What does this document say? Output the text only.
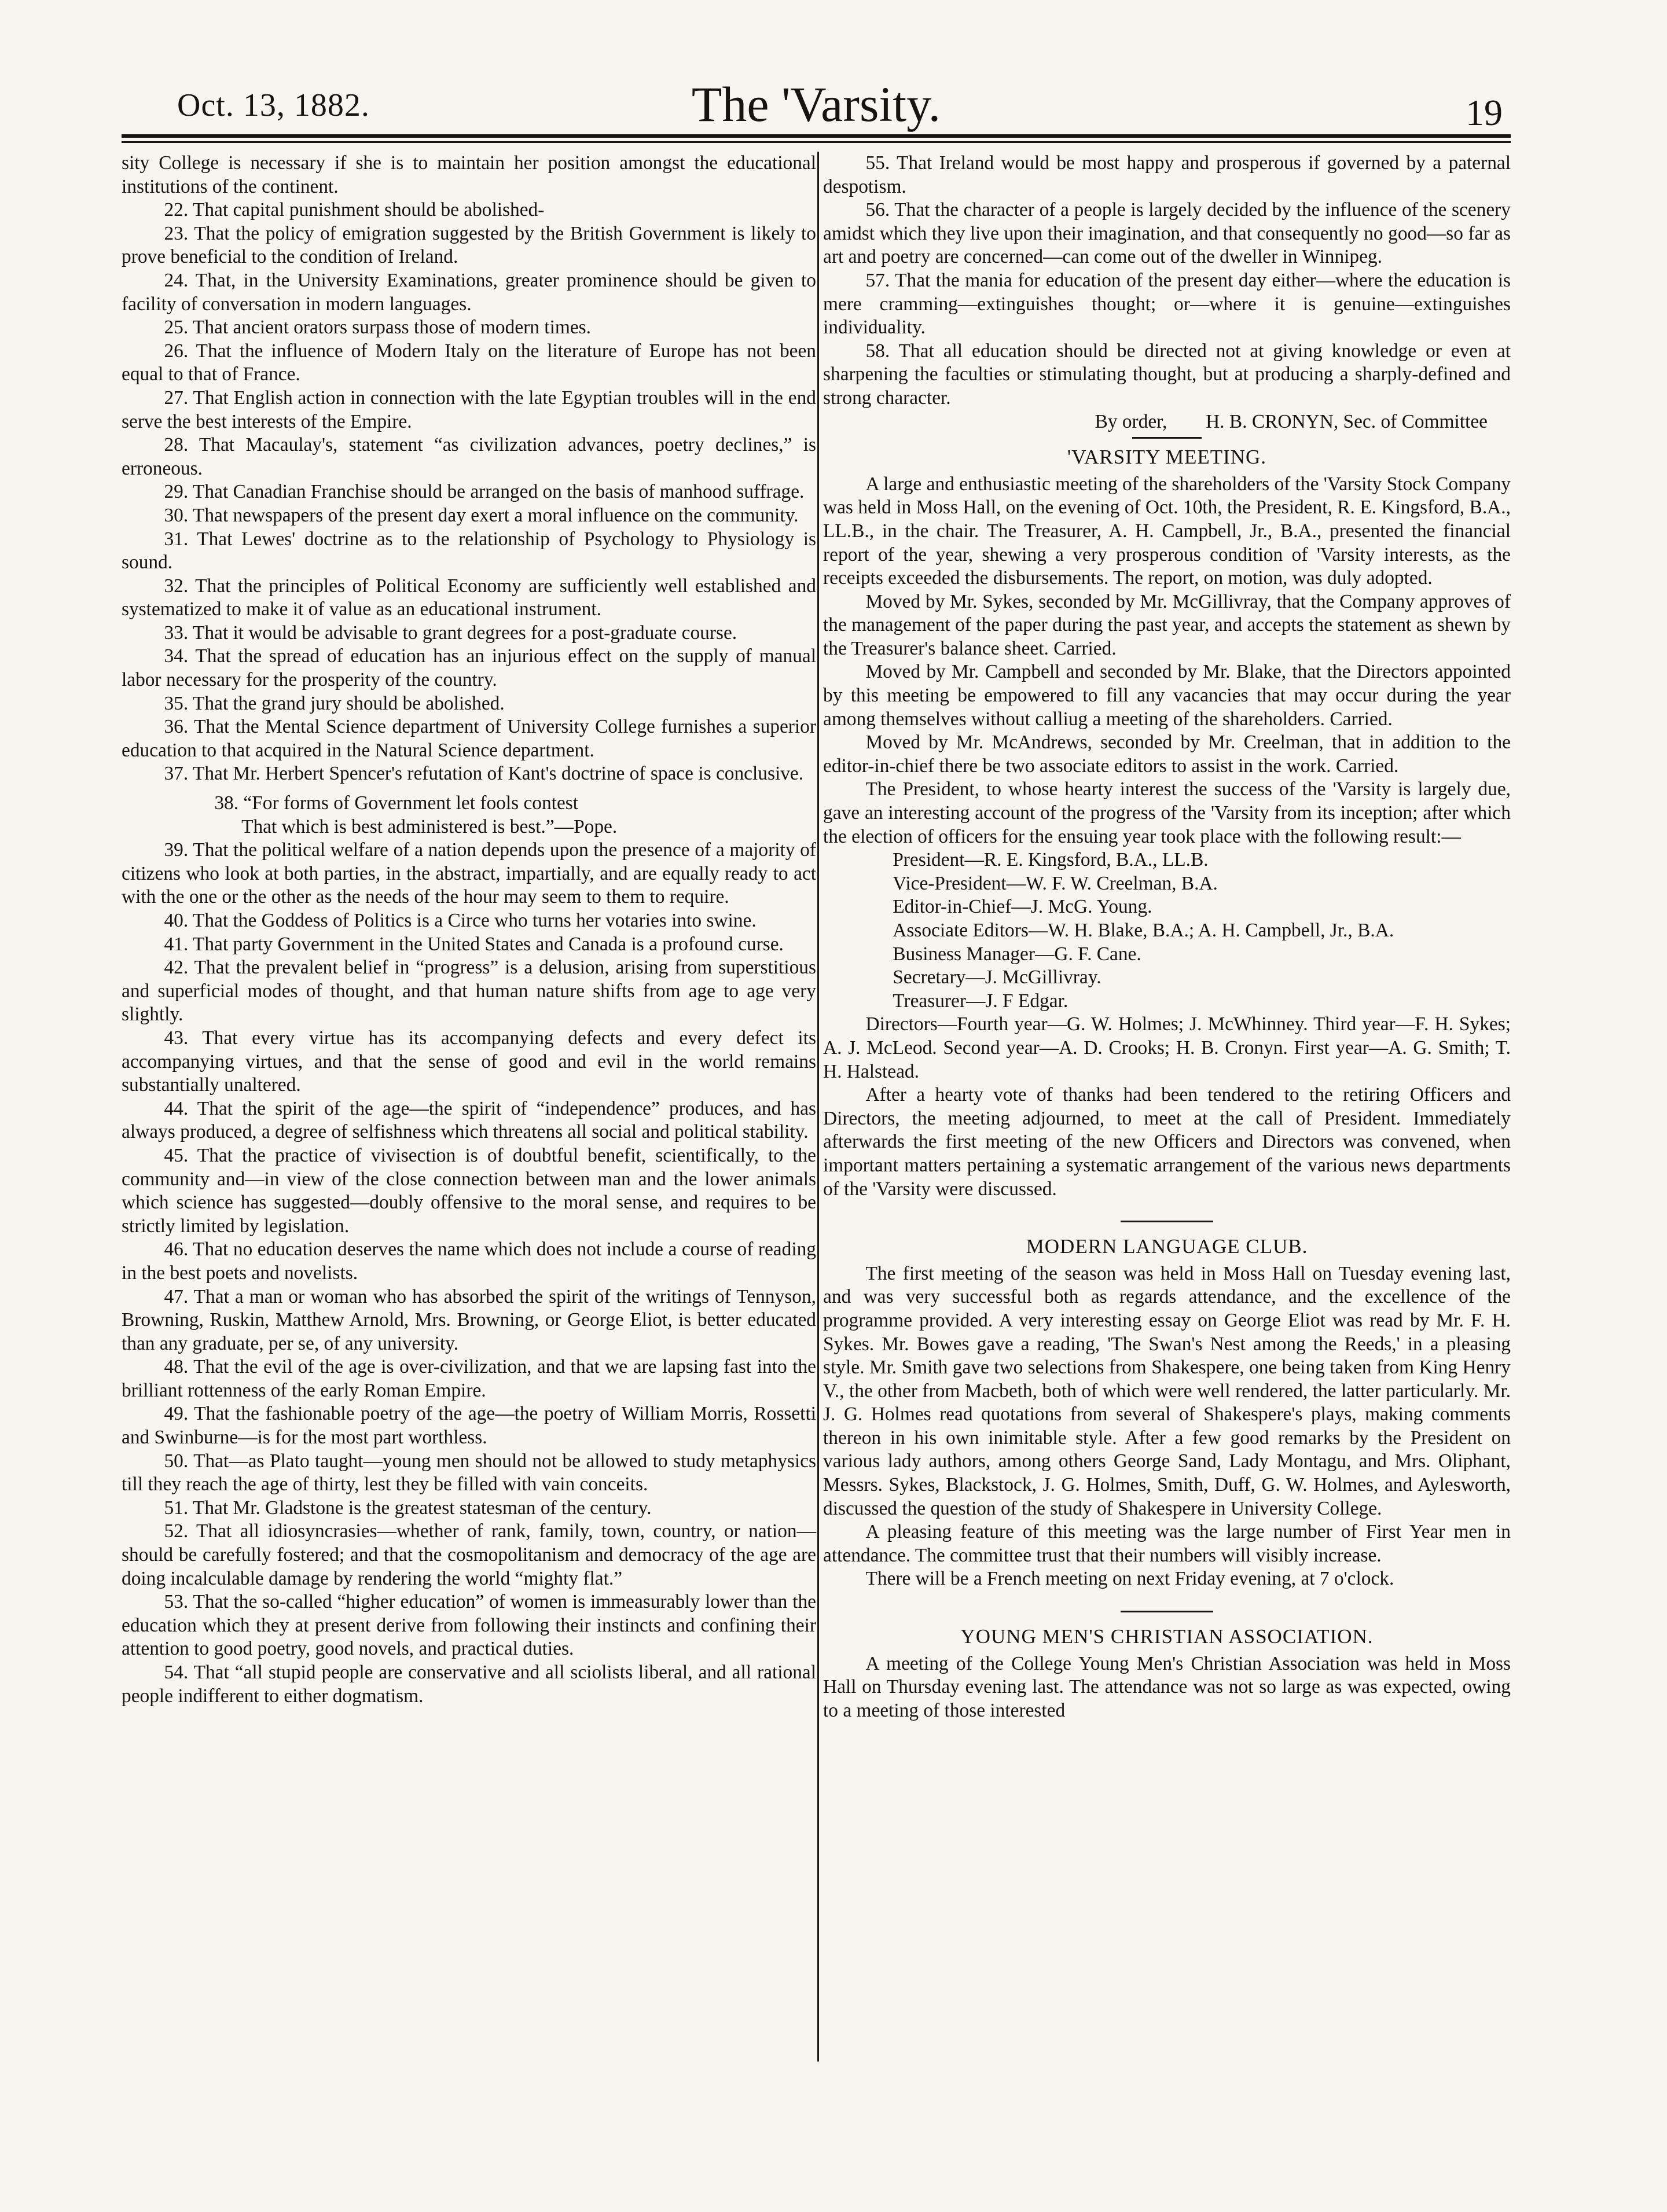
Oct. 13, 1882.	The 'Varsity.	19

sity College is necessary if she is to maintain her position amongst the educational institutions of the continent.

22. That capital punishment should be abolished-

23. That the policy of emigration suggested by the British Government is likely to prove beneficial to the condition of Ireland.

24. That, in the University Examinations, greater prominence should be given to facility of conversation in modern languages.

25. That ancient orators surpass those of modern times.

26. That the influence of Modern Italy on the literature of Europe has not been equal to that of France.

27. That English action in connection with the late Egyptian troubles will in the end serve the best interests of the Empire.

28. That Macaulay's, statement “as civilization advances, poetry declines,” is erroneous.

29. That Canadian Franchise should be arranged on the basis of manhood suffrage.

30. That newspapers of the present day exert a moral influence on the community.

31. That Lewes' doctrine as to the relationship of Psychology to Physiology is sound.

32. That the principles of Political Economy are sufficiently well established and systematized to make it of value as an educational instrument.

33. That it would be advisable to grant degrees for a post-graduate course.

34. That the spread of education has an injurious effect on the supply of manual labor necessary for the prosperity of the country.

35. That the grand jury should be abolished.

36. That the Mental Science department of University College furnishes a superior education to that acquired in the Natural Science department.

37. That Mr. Herbert Spencer's refutation of Kant's doctrine of space is conclusive.

38. “For forms of Government let fools contest

That which is best administered is best.”—Pope.

39. That the political welfare of a nation depends upon the presence of a majority of citizens who look at both parties, in the abstract, impartially, and are equally ready to act with the one or the other as the needs of the hour may seem to them to require.

40. That the Goddess of Politics is a Circe who turns her votaries into swine.

41. That party Government in the United States and Canada is a profound curse.

42. That the prevalent belief in “progress” is a delusion, arising from superstitious and superficial modes of thought, and that human nature shifts from age to age very slightly.

43. That every virtue has its accompanying defects and every defect its accompanying virtues, and that the sense of good and evil in the world remains substantially unaltered.

44. That the spirit of the age—the spirit of “independence” produces, and has always produced, a degree of selfishness which threatens all social and political stability.

45. That the practice of vivisection is of doubtful benefit, scientifically, to the community and—in view of the close connection between man and the lower animals which science has suggested—doubly offensive to the moral sense, and requires to be strictly limited by legislation.

46. That no education deserves the name which does not include a course of reading in the best poets and novelists.

47. That a man or woman who has absorbed the spirit of the writings of Tennyson, Browning, Ruskin, Matthew Arnold, Mrs. Browning, or George Eliot, is better educated than any graduate, per se, of any university.

48. That the evil of the age is over-civilization, and that we are lapsing fast into the brilliant rottenness of the early Roman Empire.

49. That the fashionable poetry of the age—the poetry of William Morris, Rossetti and Swinburne—is for the most part worthless.

50. That—as Plato taught—young men should not be allowed to study metaphysics till they reach the age of thirty, lest they be filled with vain conceits.

51. That Mr. Gladstone is the greatest statesman of the century.

52. That all idiosyncrasies—whether of rank, family, town, country, or nation—should be carefully fostered; and that the cosmopolitanism and democracy of the age are doing incalculable damage by rendering the world “mighty flat.”

53. That the so-called “higher education” of women is immeasurably lower than the education which they at present derive from following their instincts and confining their attention to good poetry, good novels, and practical duties.

54. That “all stupid people are conservative and all sciolists liberal, and all rational people indifferent to either dogmatism.

55. That Ireland would be most happy and prosperous if governed by a paternal despotism.

56. That the character of a people is largely decided by the influence of the scenery amidst which they live upon their imagination, and that consequently no good—so far as art and poetry are concerned—can come out of the dweller in Winnipeg.

57. That the mania for education of the present day either—where the education is mere cramming—extinguishes thought; or—where it is genuine—extinguishes individuality.

58. That all education should be directed not at giving knowledge or even at sharpening the faculties or stimulating thought, but at producing a sharply-defined and strong character.

By order,  H. B. CRONYN, Sec. of Committee

'VARSITY MEETING.

A large and enthusiastic meeting of the shareholders of the 'Varsity Stock Company was held in Moss Hall, on the evening of Oct. 10th, the President, R. E. Kingsford, B.A., LL.B., in the chair. The Treasurer, A. H. Campbell, Jr., B.A., presented the financial report of the year, shewing a very prosperous condition of 'Varsity interests, as the receipts exceeded the disbursements. The report, on motion, was duly adopted.

Moved by Mr. Sykes, seconded by Mr. McGillivray, that the Company approves of the management of the paper during the past year, and accepts the statement as shewn by the Treasurer's balance sheet. Carried.

Moved by Mr. Campbell and seconded by Mr. Blake, that the Directors appointed by this meeting be empowered to fill any vacancies that may occur during the year among themselves without calliug a meeting of the shareholders. Carried.

Moved by Mr. McAndrews, seconded by Mr. Creelman, that in addition to the editor-in-chief there be two associate editors to assist in the work. Carried.

The President, to whose hearty interest the success of the 'Varsity is largely due, gave an interesting account of the progress of the 'Varsity from its inception; after which the election of officers for the ensuing year took place with the following result:—

President—R. E. Kingsford, B.A., LL.B.

Vice-President—W. F. W. Creelman, B.A.

Editor-in-Chief—J. McG. Young.

Associate Editors—W. H. Blake, B.A.; A. H. Campbell, Jr., B.A.

Business Manager—G. F. Cane.

Secretary—J. McGillivray.

Treasurer—J. F Edgar.

Directors—Fourth year—G. W. Holmes; J. McWhinney. Third year—F. H. Sykes; A. J. McLeod. Second year—A. D. Crooks; H. B. Cronyn. First year—A. G. Smith; T. H. Halstead.

After a hearty vote of thanks had been tendered to the retiring Officers and Directors, the meeting adjourned, to meet at the call of President. Immediately afterwards the first meeting of the new Officers and Directors was convened, when important matters pertaining a systematic arrangement of the various news departments of the 'Varsity were discussed.

MODERN LANGUAGE CLUB.

The first meeting of the season was held in Moss Hall on Tuesday evening last, and was very successful both as regards attendance, and the excellence of the programme provided. A very interesting essay on George Eliot was read by Mr. F. H. Sykes. Mr. Bowes gave a reading, 'The Swan's Nest among the Reeds,' in a pleasing style. Mr. Smith gave two selections from Shakespere, one being taken from King Henry V., the other from Macbeth, both of which were well rendered, the latter particularly. Mr. J. G. Holmes read quotations from several of Shakespere's plays, making comments thereon in his own inimitable style. After a few good remarks by the President on various lady authors, among others George Sand, Lady Montagu, and Mrs. Oliphant, Messrs. Sykes, Blackstock, J. G. Holmes, Smith, Duff, G. W. Holmes, and Aylesworth, discussed the question of the study of Shakespere in University College.

A pleasing feature of this meeting was the large number of First Year men in attendance. The committee trust that their numbers will visibly increase.

There will be a French meeting on next Friday evening, at 7 o'clock.

YOUNG MEN'S CHRISTIAN ASSOCIATION.

A meeting of the College Young Men's Christian Association was held in Moss Hall on Thursday evening last. The attendance was not so large as was expected, owing to a meeting of those interested
